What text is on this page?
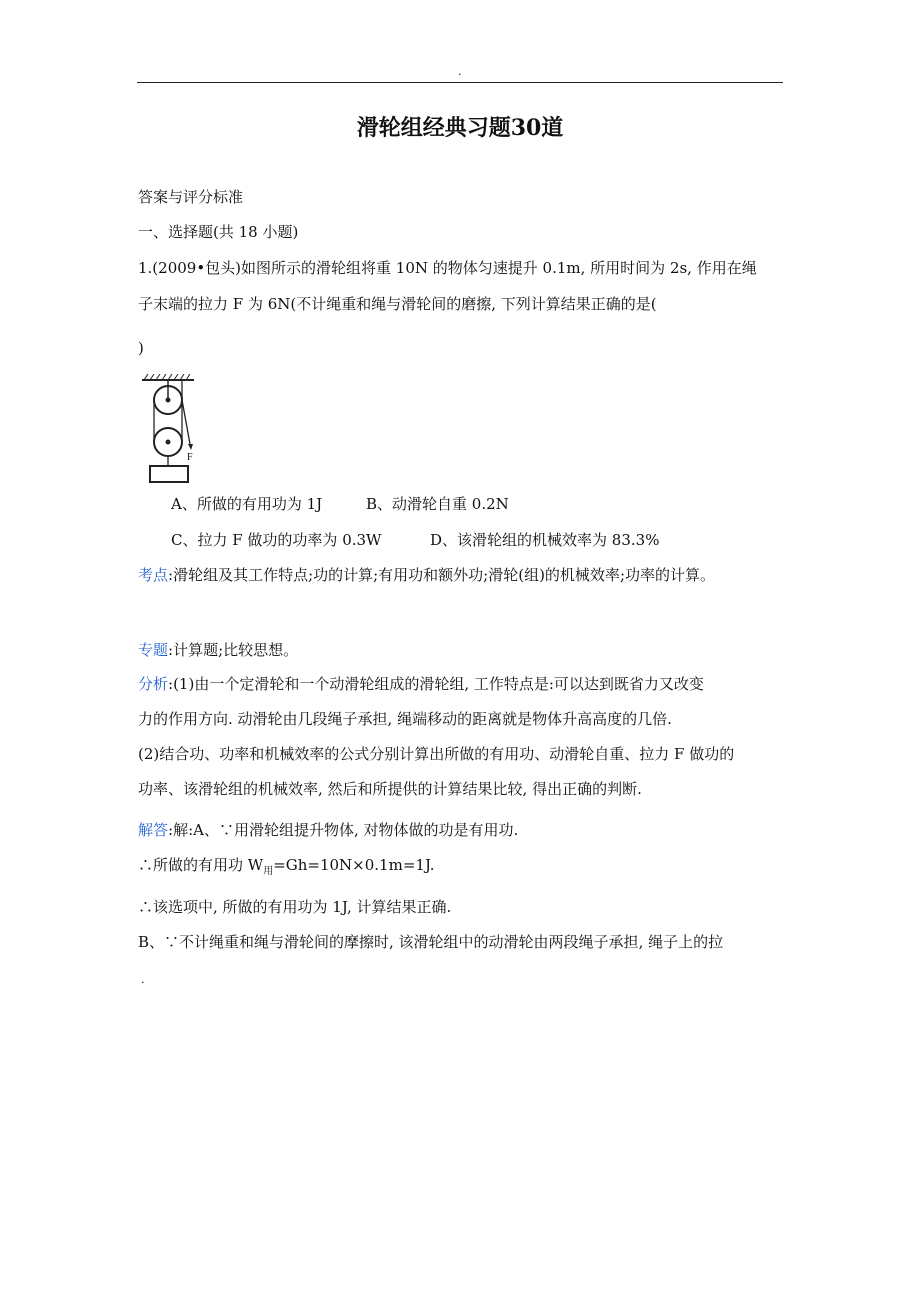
.
滑轮组经典习题30道
答案与评分标准
一、选择题(共 18 小题)
1.(2009•包头)如图所示的滑轮组将重 10N 的物体匀速提升 0.1m, 所用时间为 2s, 作用在绳
子末端的拉力 F 为 6N(不计绳重和绳与滑轮间的磨擦, 下列计算结果正确的是(
)
F
A、所做的有用功为 1J	B、动滑轮自重 0.2N
C、拉力 F 做功的功率为 0.3W	D、该滑轮组的机械效率为 83.3%
考点:滑轮组及其工作特点;功的计算;有用功和额外功;滑轮(组)的机械效率;功率的计算。
专题:计算题;比较思想。
分析:(1)由一个定滑轮和一个动滑轮组成的滑轮组, 工作特点是:可以达到既省力又改变
力的作用方向. 动滑轮由几段绳子承担, 绳端移动的距离就是物体升高高度的几倍.
(2)结合功、功率和机械效率的公式分别计算出所做的有用功、动滑轮自重、拉力 F 做功的
功率、该滑轮组的机械效率, 然后和所提供的计算结果比较, 得出正确的判断.
解答:解:A、∵用滑轮组提升物体, 对物体做的功是有用功.
∴所做的有用功 $W_用=Gh=10N\times 0.1m=1J$.
∴该选项中, 所做的有用功为 1J, 计算结果正确.
B、∵不计绳重和绳与滑轮间的摩擦时, 该滑轮组中的动滑轮由两段绳子承担, 绳子上的拉
.
